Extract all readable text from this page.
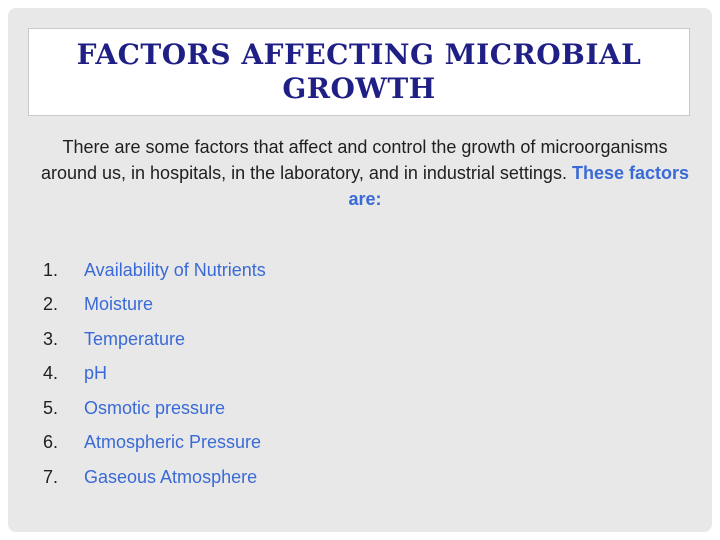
FACTORS AFFECTING MICROBIAL GROWTH

There are some factors that affect and control the growth of microorganisms around us, in hospitals, in the laboratory, and in industrial settings. These factors are:

1.	Availability of Nutrients
2.	Moisture
3.	Temperature
4.	pH
5.	Osmotic pressure
6.	Atmospheric Pressure
7.	Gaseous Atmosphere
